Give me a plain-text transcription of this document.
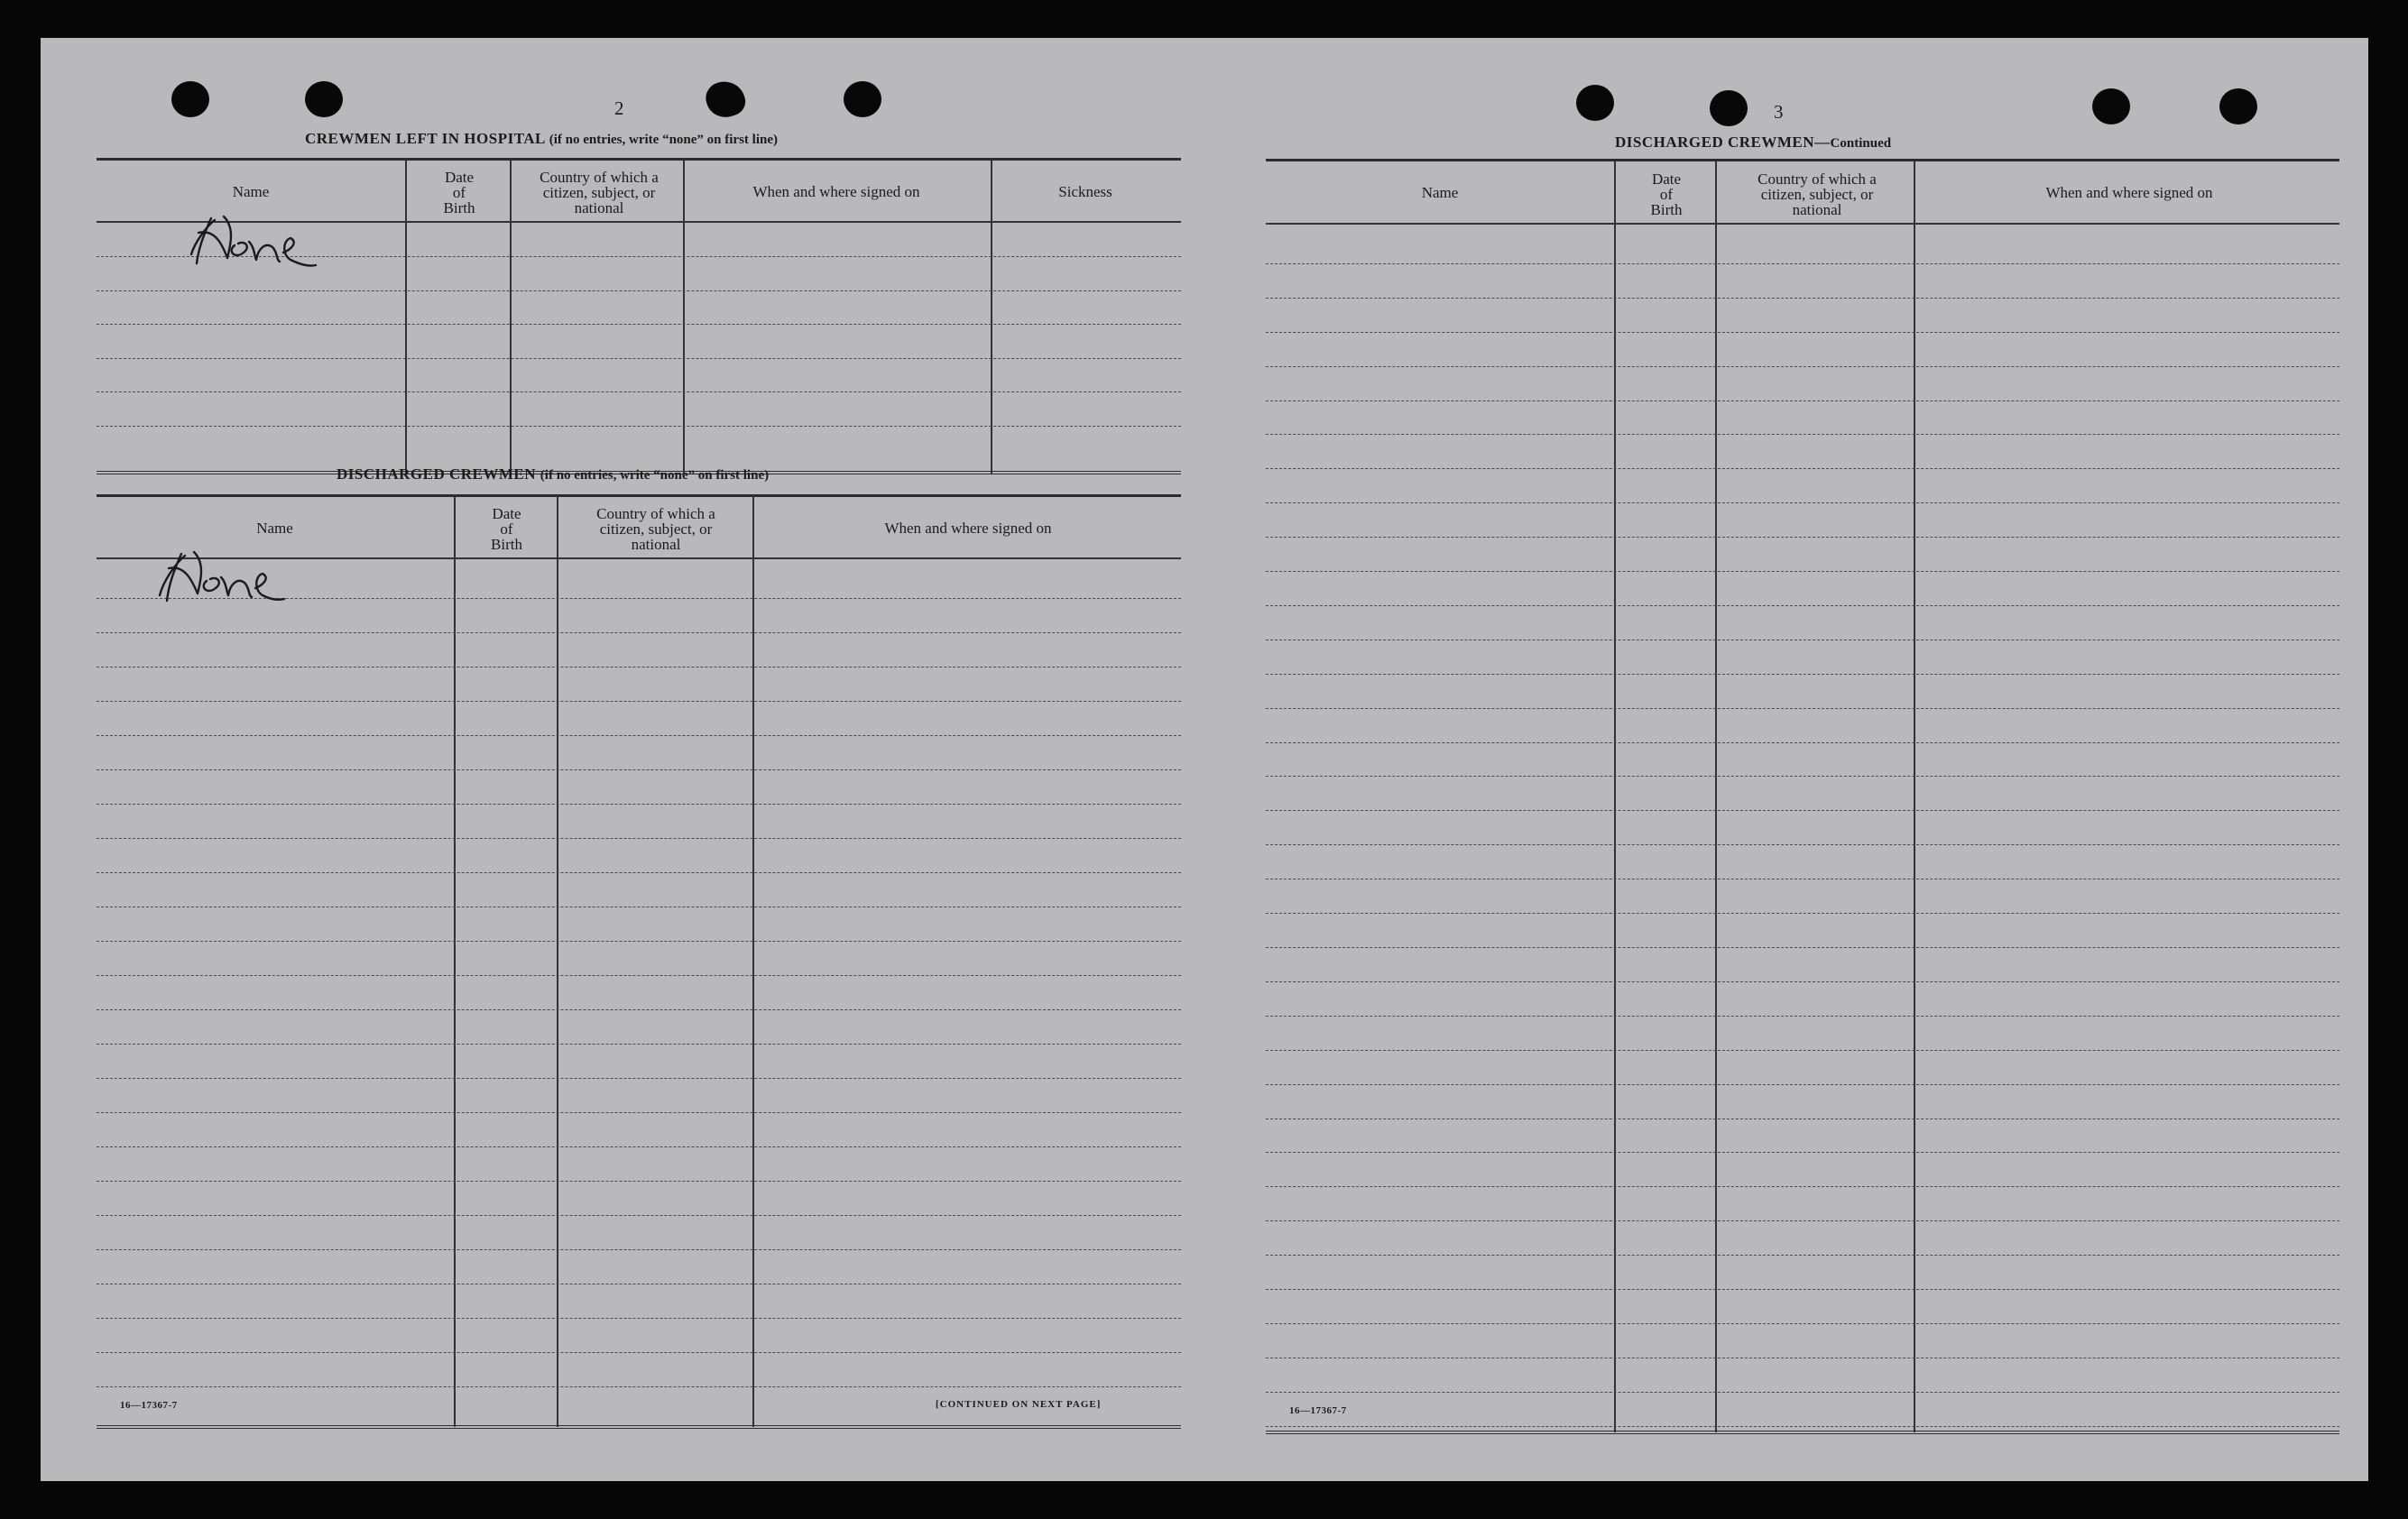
2
CREWMEN LEFT IN HOSPITAL (if no entries, write “none” on first line)
Name
Date
of
Birth
Country of which a
citizen, subject, or
national
When and where signed on	Sickness
None
DISCHARGED CREWMEN (if no entries, write “none” on first line)
Name
Date
of
Birth
Country of which a
citizen, subject, or
national
When and where signed on
None
16—17367-7	[CONTINUED ON NEXT PAGE]
3
DISCHARGED CREWMEN—Continued
Name
Date
of
Birth
Country of which a
citizen, subject, or
national
When and where signed on
16—17367-7
